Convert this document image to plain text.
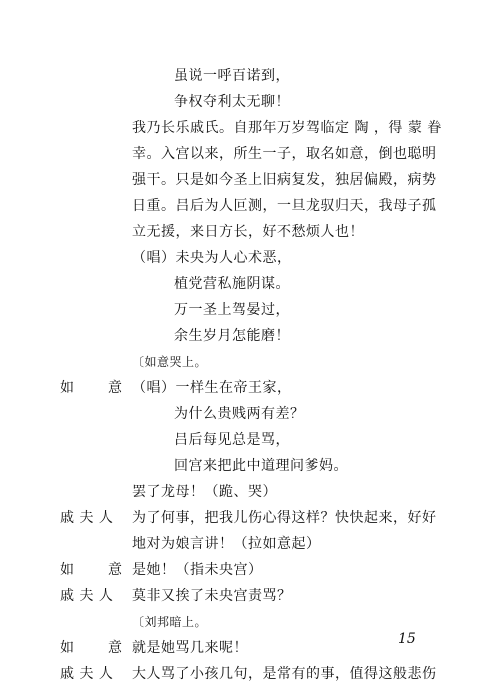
虽说一呼百诺到，
争权夺利太无聊！
我乃长乐戚氏。自那年万岁驾临定 陶 ，得 蒙 眷
幸。入宫以来，所生一子，取名如意，倒也聪明
强干。只是如今圣上旧病复发，独居偏殿，病势
日重。吕后为人叵测，一旦龙驭归天，我母子孤
立无援，来日方长，好不愁烦人也！
（唱）未央为人心术恶，
植党营私施阴谋。
万一圣上驾晏过，
余生岁月怎能磨！
〔如意哭上。
如 意 （唱）一样生在帝王家，
为什么贵贱两有差？
吕后每见总是骂，
回宫来把此中道理问爹妈。
罢了龙母！（跪、哭）
戚 夫 人 为了何事，把我儿伤心得这样？快快起来，好好
地对为娘言讲！（拉如意起）
如 意 是她！（指未央宫）
戚 夫 人 莫非又挨了未央宫责骂？
〔刘邦暗上。
如 意 就是她骂几来呢！
戚 夫 人 大人骂了小孩几句，是常有的事，值得这般悲伤
15
